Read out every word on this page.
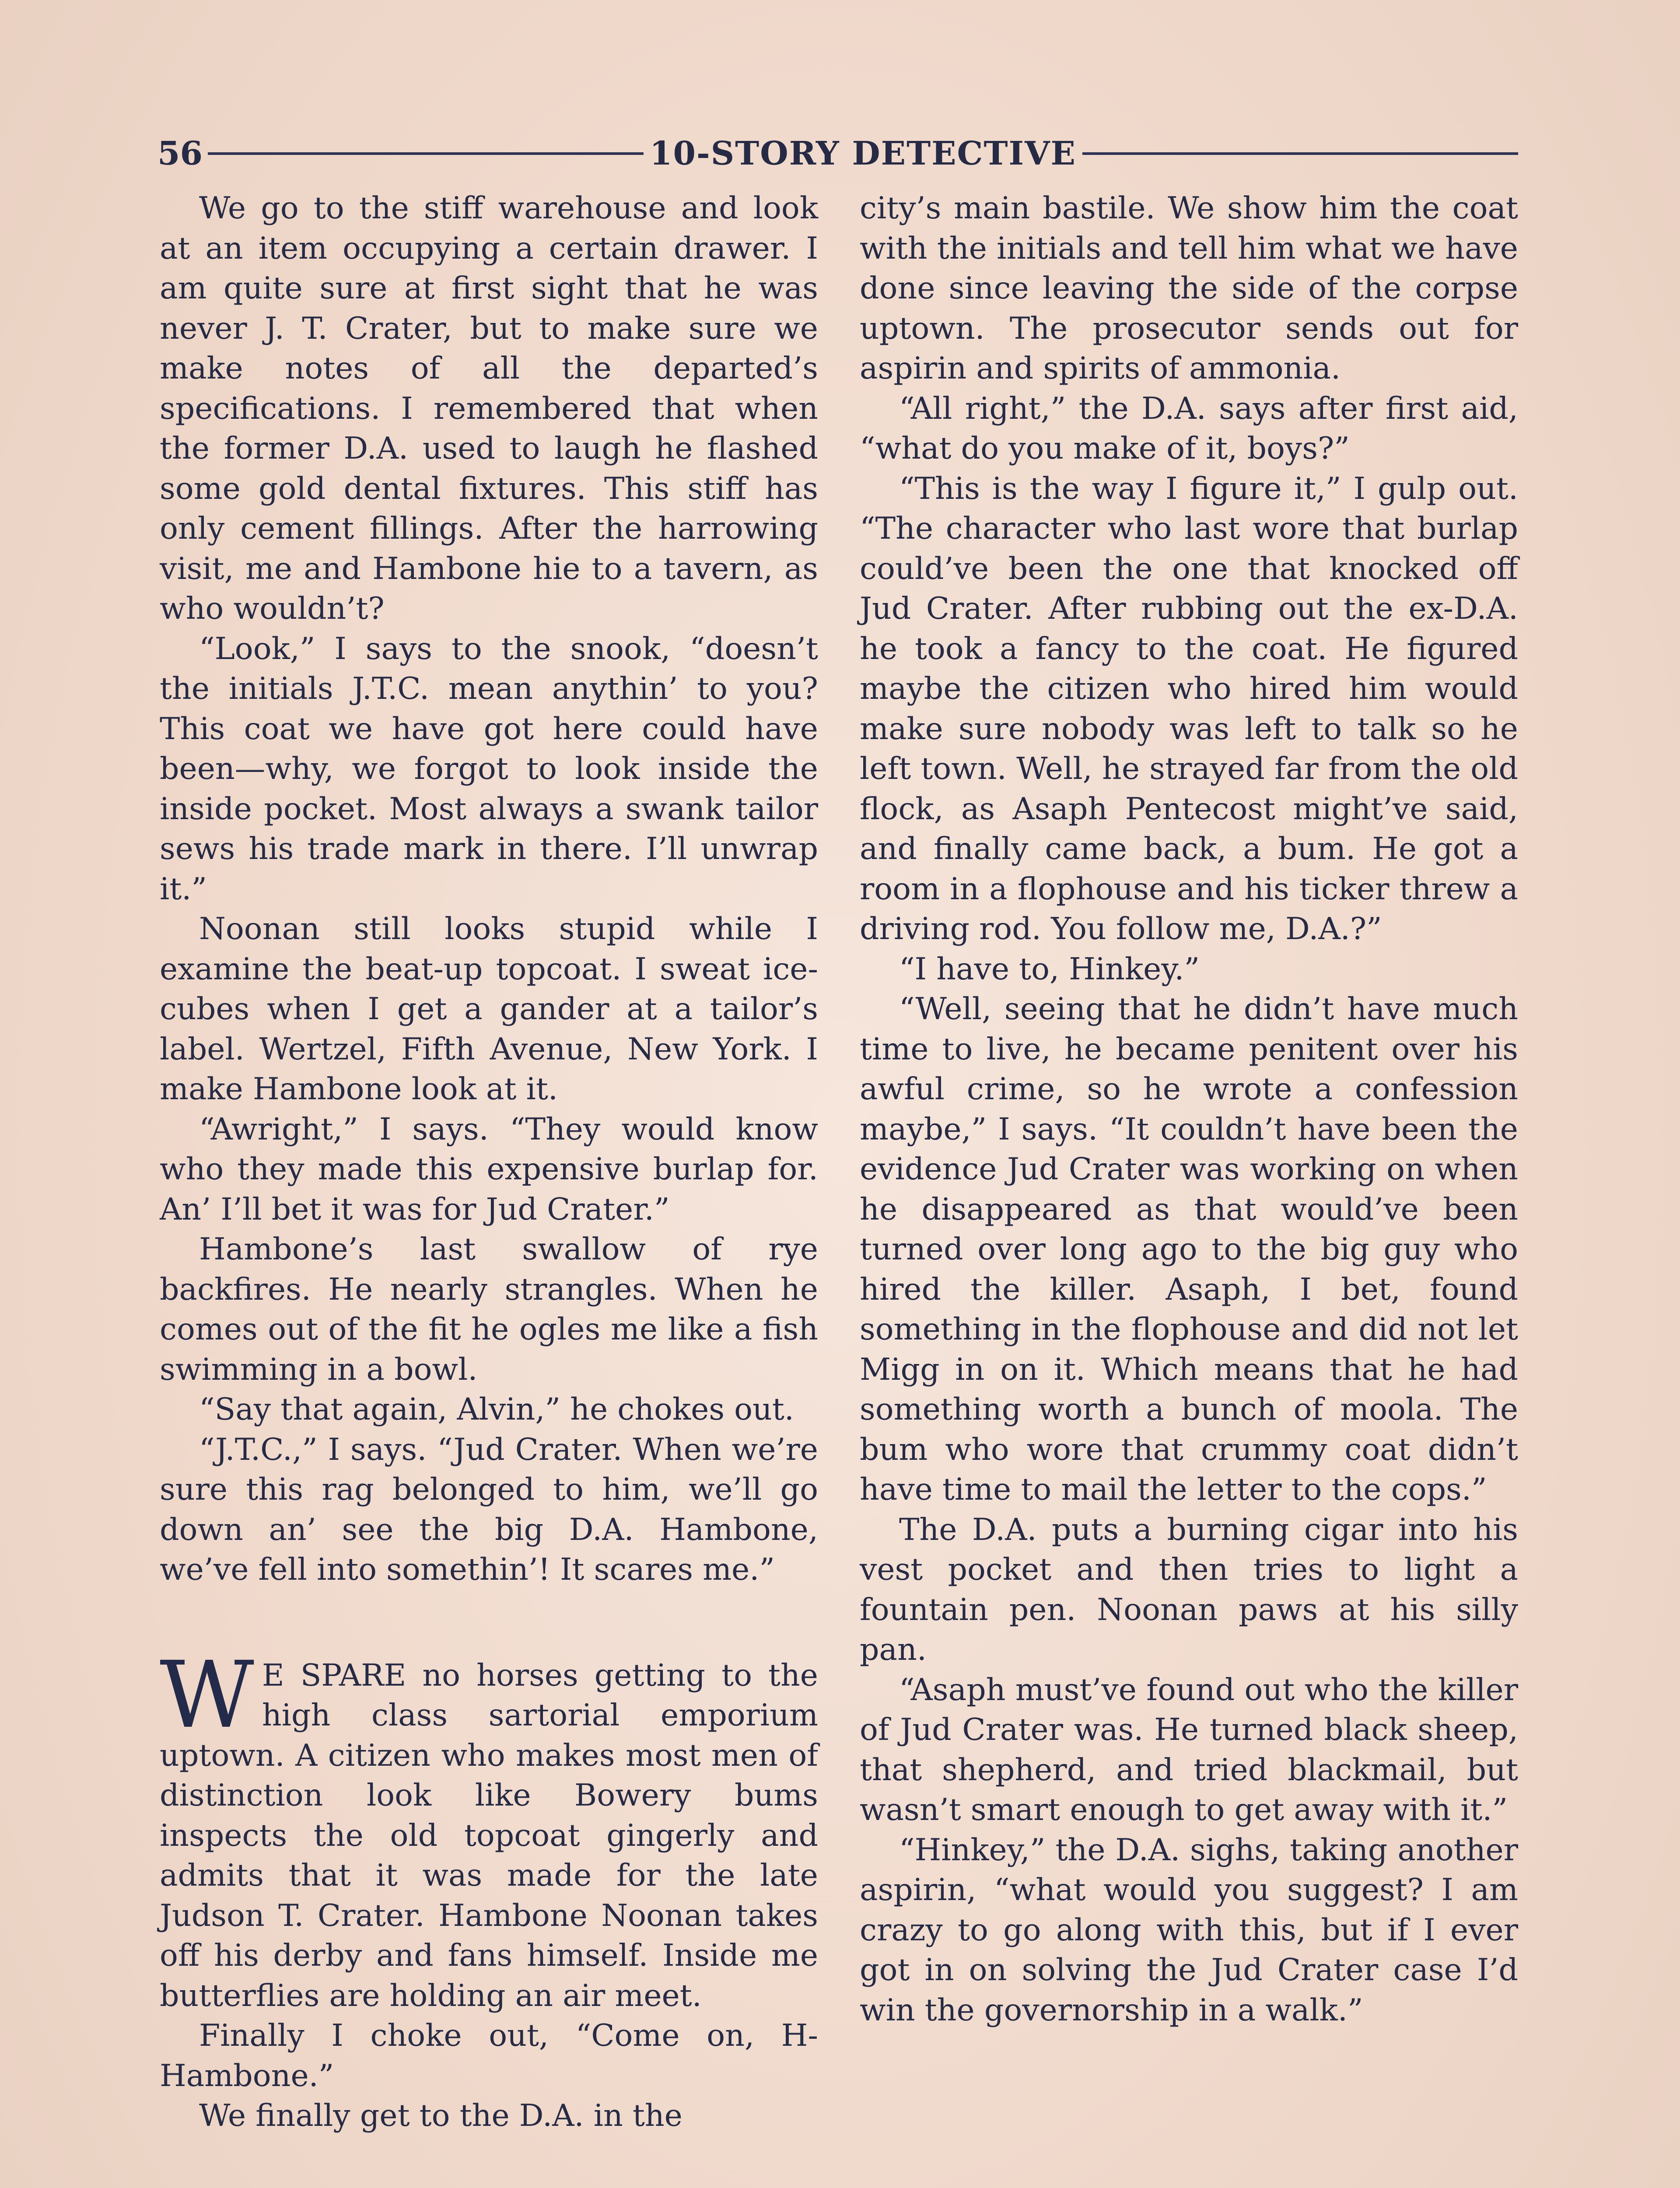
56	10-STORY DETECTIVE

We go to the stiff warehouse and look at an item occupying a certain drawer. I am quite sure at first sight that he was never J. T. Crater, but to make sure we make notes of all the departed’s specifications. I remembered that when the former D.A. used to laugh he flashed some gold dental fixtures. This stiff has only cement fillings. After the harrowing visit, me and Hambone hie to a tavern, as who wouldn’t?

“Look,” I says to the snook, “doesn’t the initials J.T.C. mean anythin’ to you? This coat we have got here could have been—why, we forgot to look inside the inside pocket. Most always a swank tailor sews his trade mark in there. I’ll unwrap it.”

Noonan still looks stupid while I examine the beat-up topcoat. I sweat ice-cubes when I get a gander at a tailor’s label. Wertzel, Fifth Avenue, New York. I make Hambone look at it.

“Awright,” I says. “They would know who they made this expensive burlap for. An’ I’ll bet it was for Jud Crater.”

Hambone’s last swallow of rye backfires. He nearly strangles. When he comes out of the fit he ogles me like a fish swimming in a bowl.

“Say that again, Alvin,” he chokes out.

“J.T.C.,” I says. “Jud Crater. When we’re sure this rag belonged to him, we’ll go down an’ see the big D.A. Hambone, we’ve fell into somethin’! It scares me.”

W E SPARE no horses getting to the high class sartorial emporium uptown. A citizen who makes most men of distinction look like Bowery bums inspects the old topcoat gingerly and admits that it was made for the late Judson T. Crater. Hambone Noonan takes off his derby and fans himself. Inside me butterflies are holding an air meet.

Finally I choke out, “Come on, H-Hambone.”

We finally get to the D.A. in the

city’s main bastile. We show him the coat with the initials and tell him what we have done since leaving the side of the corpse uptown. The prosecutor sends out for aspirin and spirits of ammonia.

“All right,” the D.A. says after first aid, “what do you make of it, boys?”

“This is the way I figure it,” I gulp out. “The character who last wore that burlap could’ve been the one that knocked off Jud Crater. After rubbing out the ex-D.A. he took a fancy to the coat. He figured maybe the citizen who hired him would make sure nobody was left to talk so he left town. Well, he strayed far from the old flock, as Asaph Pentecost might’ve said, and finally came back, a bum. He got a room in a flophouse and his ticker threw a driving rod. You follow me, D.A.?”

“I have to, Hinkey.”

“Well, seeing that he didn’t have much time to live, he became penitent over his awful crime, so he wrote a confession maybe,” I says. “It couldn’t have been the evidence Jud Crater was working on when he disappeared as that would’ve been turned over long ago to the big guy who hired the killer. Asaph, I bet, found something in the flophouse and did not let Migg in on it. Which means that he had something worth a bunch of moola. The bum who wore that crummy coat didn’t have time to mail the letter to the cops.”

The D.A. puts a burning cigar into his vest pocket and then tries to light a fountain pen. Noonan paws at his silly pan.

“Asaph must’ve found out who the killer of Jud Crater was. He turned black sheep, that shepherd, and tried blackmail, but wasn’t smart enough to get away with it.”

“Hinkey,” the D.A. sighs, taking another aspirin, “what would you suggest? I am crazy to go along with this, but if I ever got in on solving the Jud Crater case I’d win the governorship in a walk.”
